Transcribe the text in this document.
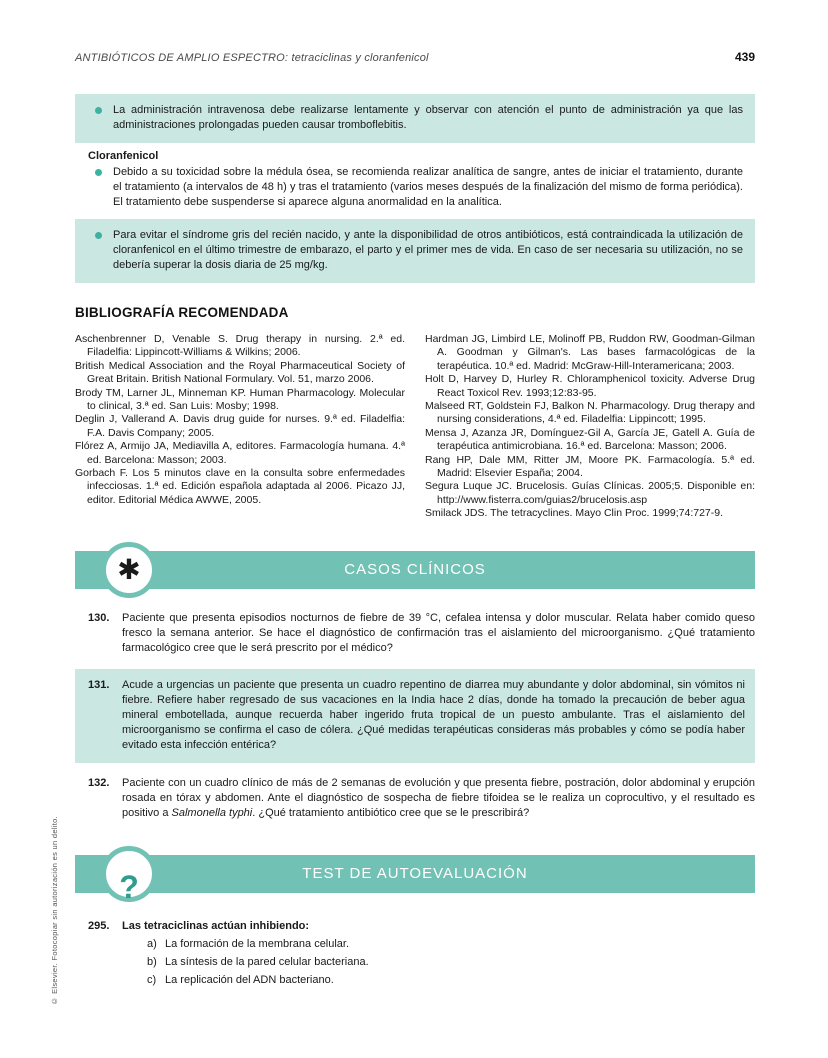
© Elsevier. Fotocopiar sin autorización es un delito.
ANTIBIÓTICOS DE AMPLIO ESPECTRO: tetraciclinas y cloranfenicol	439

La administración intravenosa debe realizarse lentamente y observar con atención el punto de administración ya que las administraciones prolongadas pueden causar tromboflebitis.

Cloranfenicol

Debido a su toxicidad sobre la médula ósea, se recomienda realizar analítica de sangre, antes de iniciar el tratamiento, durante el tratamiento (a intervalos de 48 h) y tras el tratamiento (varios meses después de la finalización del mismo de forma periódica). El tratamiento debe suspenderse si aparece alguna anormalidad en la analítica.

Para evitar el síndrome gris del recién nacido, y ante la disponibilidad de otros antibióticos, está contraindicada la utilización de cloranfenicol en el último trimestre de embarazo, el parto y el primer mes de vida. En caso de ser necesaria su utilización, no se debería superar la dosis diaria de 25 mg/kg.

BIBLIOGRAFÍA RECOMENDADA

Aschenbrenner D, Venable S. Drug therapy in nursing. 2.ª ed. Filadelfia: Lippincott-Williams & Wilkins; 2006.

British Medical Association and the Royal Pharmaceutical Society of Great Britain. British National Formulary. Vol. 51, marzo 2006.

Brody TM, Larner JL, Minneman KP. Human Pharmacology. Molecular to clinical, 3.ª ed. San Luis: Mosby; 1998.

Deglin J, Vallerand A. Davis drug guide for nurses. 9.ª ed. Filadelfia: F.A. Davis Company; 2005.

Flórez A, Armijo JA, Mediavilla A, editores. Farmacología humana. 4.ª ed. Barcelona: Masson; 2003.

Gorbach F. Los 5 minutos clave en la consulta sobre enfermedades infecciosas. 1.ª ed. Edición española adaptada al 2006. Picazo JJ, editor. Editorial Médica AWWE, 2005.

Hardman JG, Limbird LE, Molinoff PB, Ruddon RW, Goodman-Gilman A. Goodman y Gilman's. Las bases farmacológicas de la terapéutica. 10.ª ed. Madrid: McGraw-Hill-Interamericana; 2003.

Holt D, Harvey D, Hurley R. Chloramphenicol toxicity. Adverse Drug React Toxicol Rev. 1993;12:83-95.

Malseed RT, Goldstein FJ, Balkon N. Pharmacology. Drug therapy and nursing considerations, 4.ª ed. Filadelfia: Lippincott; 1995.

Mensa J, Azanza JR, Domínguez-Gil A, García JE, Gatell A. Guía de terapéutica antimicrobiana. 16.ª ed. Barcelona: Masson; 2006.

Rang HP, Dale MM, Ritter JM, Moore PK. Farmacología. 5.ª ed. Madrid: Elsevier España; 2004.

Segura Luque JC. Brucelosis. Guías Clínicas. 2005;5. Disponible en: http://www.fisterra.com/guias2/brucelosis.asp

Smilack JDS. The tetracyclines. Mayo Clin Proc. 1999;74:727-9.

✱	CASOS CLÍNICOS
130.	Paciente que presenta episodios nocturnos de fiebre de 39 °C, cefalea intensa y dolor muscular. Relata haber comido queso fresco la semana anterior. Se hace el diagnóstico de confirmación tras el aislamiento del microorganismo. ¿Qué tratamiento farmacológico cree que le será prescrito por el médico?

131.	Acude a urgencias un paciente que presenta un cuadro repentino de diarrea muy abundante y dolor abdominal, sin vómitos ni fiebre. Refiere haber regresado de sus vacaciones en la India hace 2 días, donde ha tomado la precaución de beber agua mineral embotellada, aunque recuerda haber ingerido fruta tropical de un puesto ambulante. Tras el aislamiento del microorganismo se confirma el caso de cólera. ¿Qué medidas terapéuticas consideras más probables y cómo se podía haber evitado esta infección entérica?

132.	Paciente con un cuadro clínico de más de 2 semanas de evolución y que presenta fiebre, postración, dolor abdominal y erupción rosada en tórax y abdomen. Ante el diagnóstico de sospecha de fiebre tifoidea se le realiza un coprocultivo, y el resultado es positivo a Salmonella typhi. ¿Qué tratamiento antibiótico cree que se le prescribirá?

?	TEST DE AUTOEVALUACIÓN
295.	Las tetraciclinas actúan inhibiendo:

a) La formación de la membrana celular.
b) La síntesis de la pared celular bacteriana.
c) La replicación del ADN bacteriano.
